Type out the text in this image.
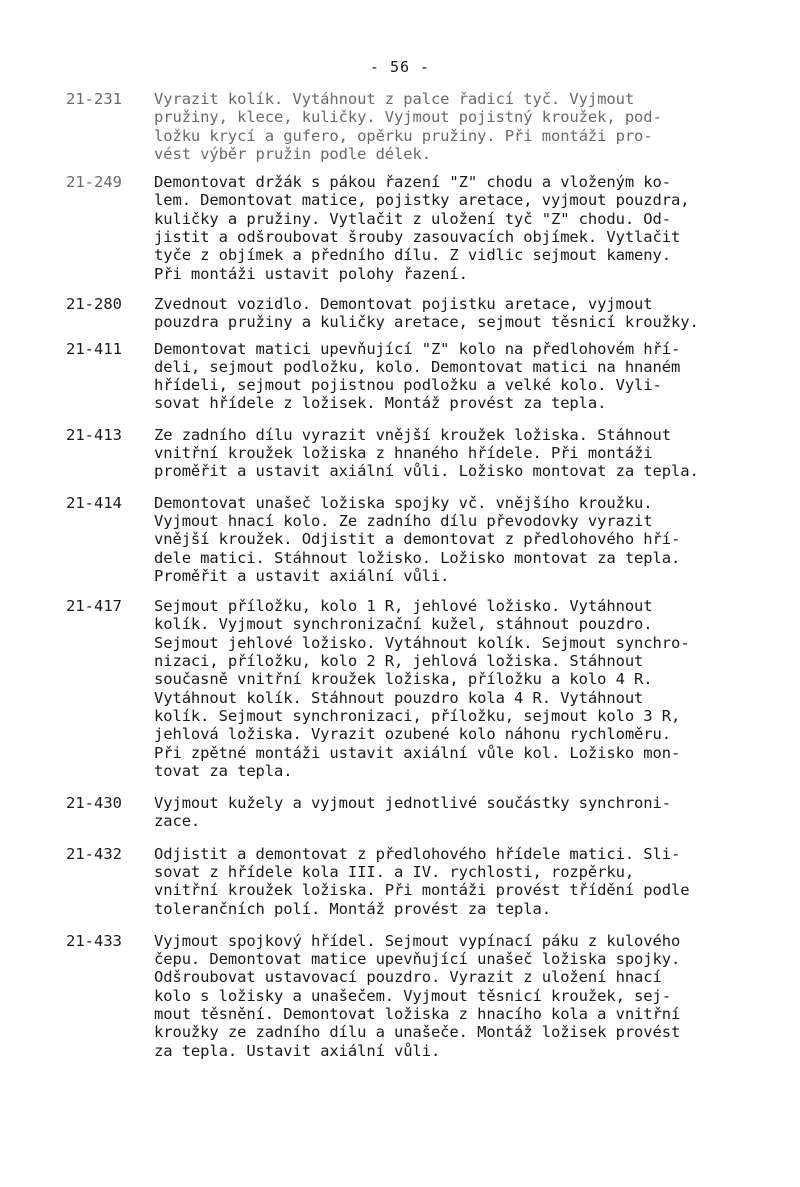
- 56 -
21-231	Vyrazit kolík. Vytáhnout z palce řadicí tyč. Vyjmout
pružiny, klece, kuličky. Vyjmout pojistný kroužek, pod-
ložku krycí a gufero, opěrku pružiny. Při montáži pro-
vést výběr pružin podle délek.
21-249	Demontovat držák s pákou řazení "Z" chodu a vloženým ko-
lem. Demontovat matice, pojistky aretace, vyjmout pouzdra,
kuličky a pružiny. Vytlačit z uložení tyč "Z" chodu. Od-
jistit a odšroubovat šrouby zasouvacích objímek. Vytlačit
tyče z objímek a předního dílu. Z vidlic sejmout kameny.
Při montáži ustavit polohy řazení.
21-280	Zvednout vozidlo. Demontovat pojistku aretace, vyjmout
pouzdra pružiny a kuličky aretace, sejmout těsnicí kroužky.
21-411	Demontovat matici upevňující "Z" kolo na předlohovém hří-
deli, sejmout podložku, kolo. Demontovat matici na hnaném
hřídeli, sejmout pojistnou podložku a velké kolo. Vyli-
sovat hřídele z ložisek. Montáž provést za tepla.
21-413	Ze zadního dílu vyrazit vnější kroužek ložiska. Stáhnout
vnitřní kroužek ložiska z hnaného hřídele. Při montáži
proměřit a ustavit axiální vůli. Ložisko montovat za tepla.
21-414	Demontovat unašeč ložiska spojky vč. vnějšího kroužku.
Vyjmout hnací kolo. Ze zadního dílu převodovky vyrazit
vnější kroužek. Odjistit a demontovat z předlohového hří-
dele matici. Stáhnout ložisko. Ložisko montovat za tepla.
Proměřit a ustavit axiální vůli.
21-417	Sejmout příložku, kolo 1 R, jehlové ložisko. Vytáhnout
kolík. Vyjmout synchronizační kužel, stáhnout pouzdro.
Sejmout jehlové ložisko. Vytáhnout kolík. Sejmout synchro-
nizaci, příložku, kolo 2 R, jehlová ložiska. Stáhnout
současně vnitřní kroužek ložiska, příložku a kolo 4 R.
Vytáhnout kolík. Stáhnout pouzdro kola 4 R. Vytáhnout
kolík. Sejmout synchronizaci, příložku, sejmout kolo 3 R,
jehlová ložiska. Vyrazit ozubené kolo náhonu rychloměru.
Při zpětné montáži ustavit axiální vůle kol. Ložisko mon-
tovat za tepla.
21-430	Vyjmout kužely a vyjmout jednotlivé součástky synchroni-
zace.
21-432	Odjistit a demontovat z předlohového hřídele matici. Sli-
sovat z hřídele kola III. a IV. rychlosti, rozpěrku,
vnitřní kroužek ložiska. Při montáži provést třídění podle
tolerančních polí. Montáž provést za tepla.
21-433	Vyjmout spojkový hřídel. Sejmout vypínací páku z kulového
čepu. Demontovat matice upevňující unašeč ložiska spojky.
Odšroubovat ustavovací pouzdro. Vyrazit z uložení hnací
kolo s ložisky a unašečem. Vyjmout těsnicí kroužek, sej-
mout těsnění. Demontovat ložiska z hnacího kola a vnitřní
kroužky ze zadního dílu a unašeče. Montáž ložisek provést
za tepla. Ustavit axiální vůli.
